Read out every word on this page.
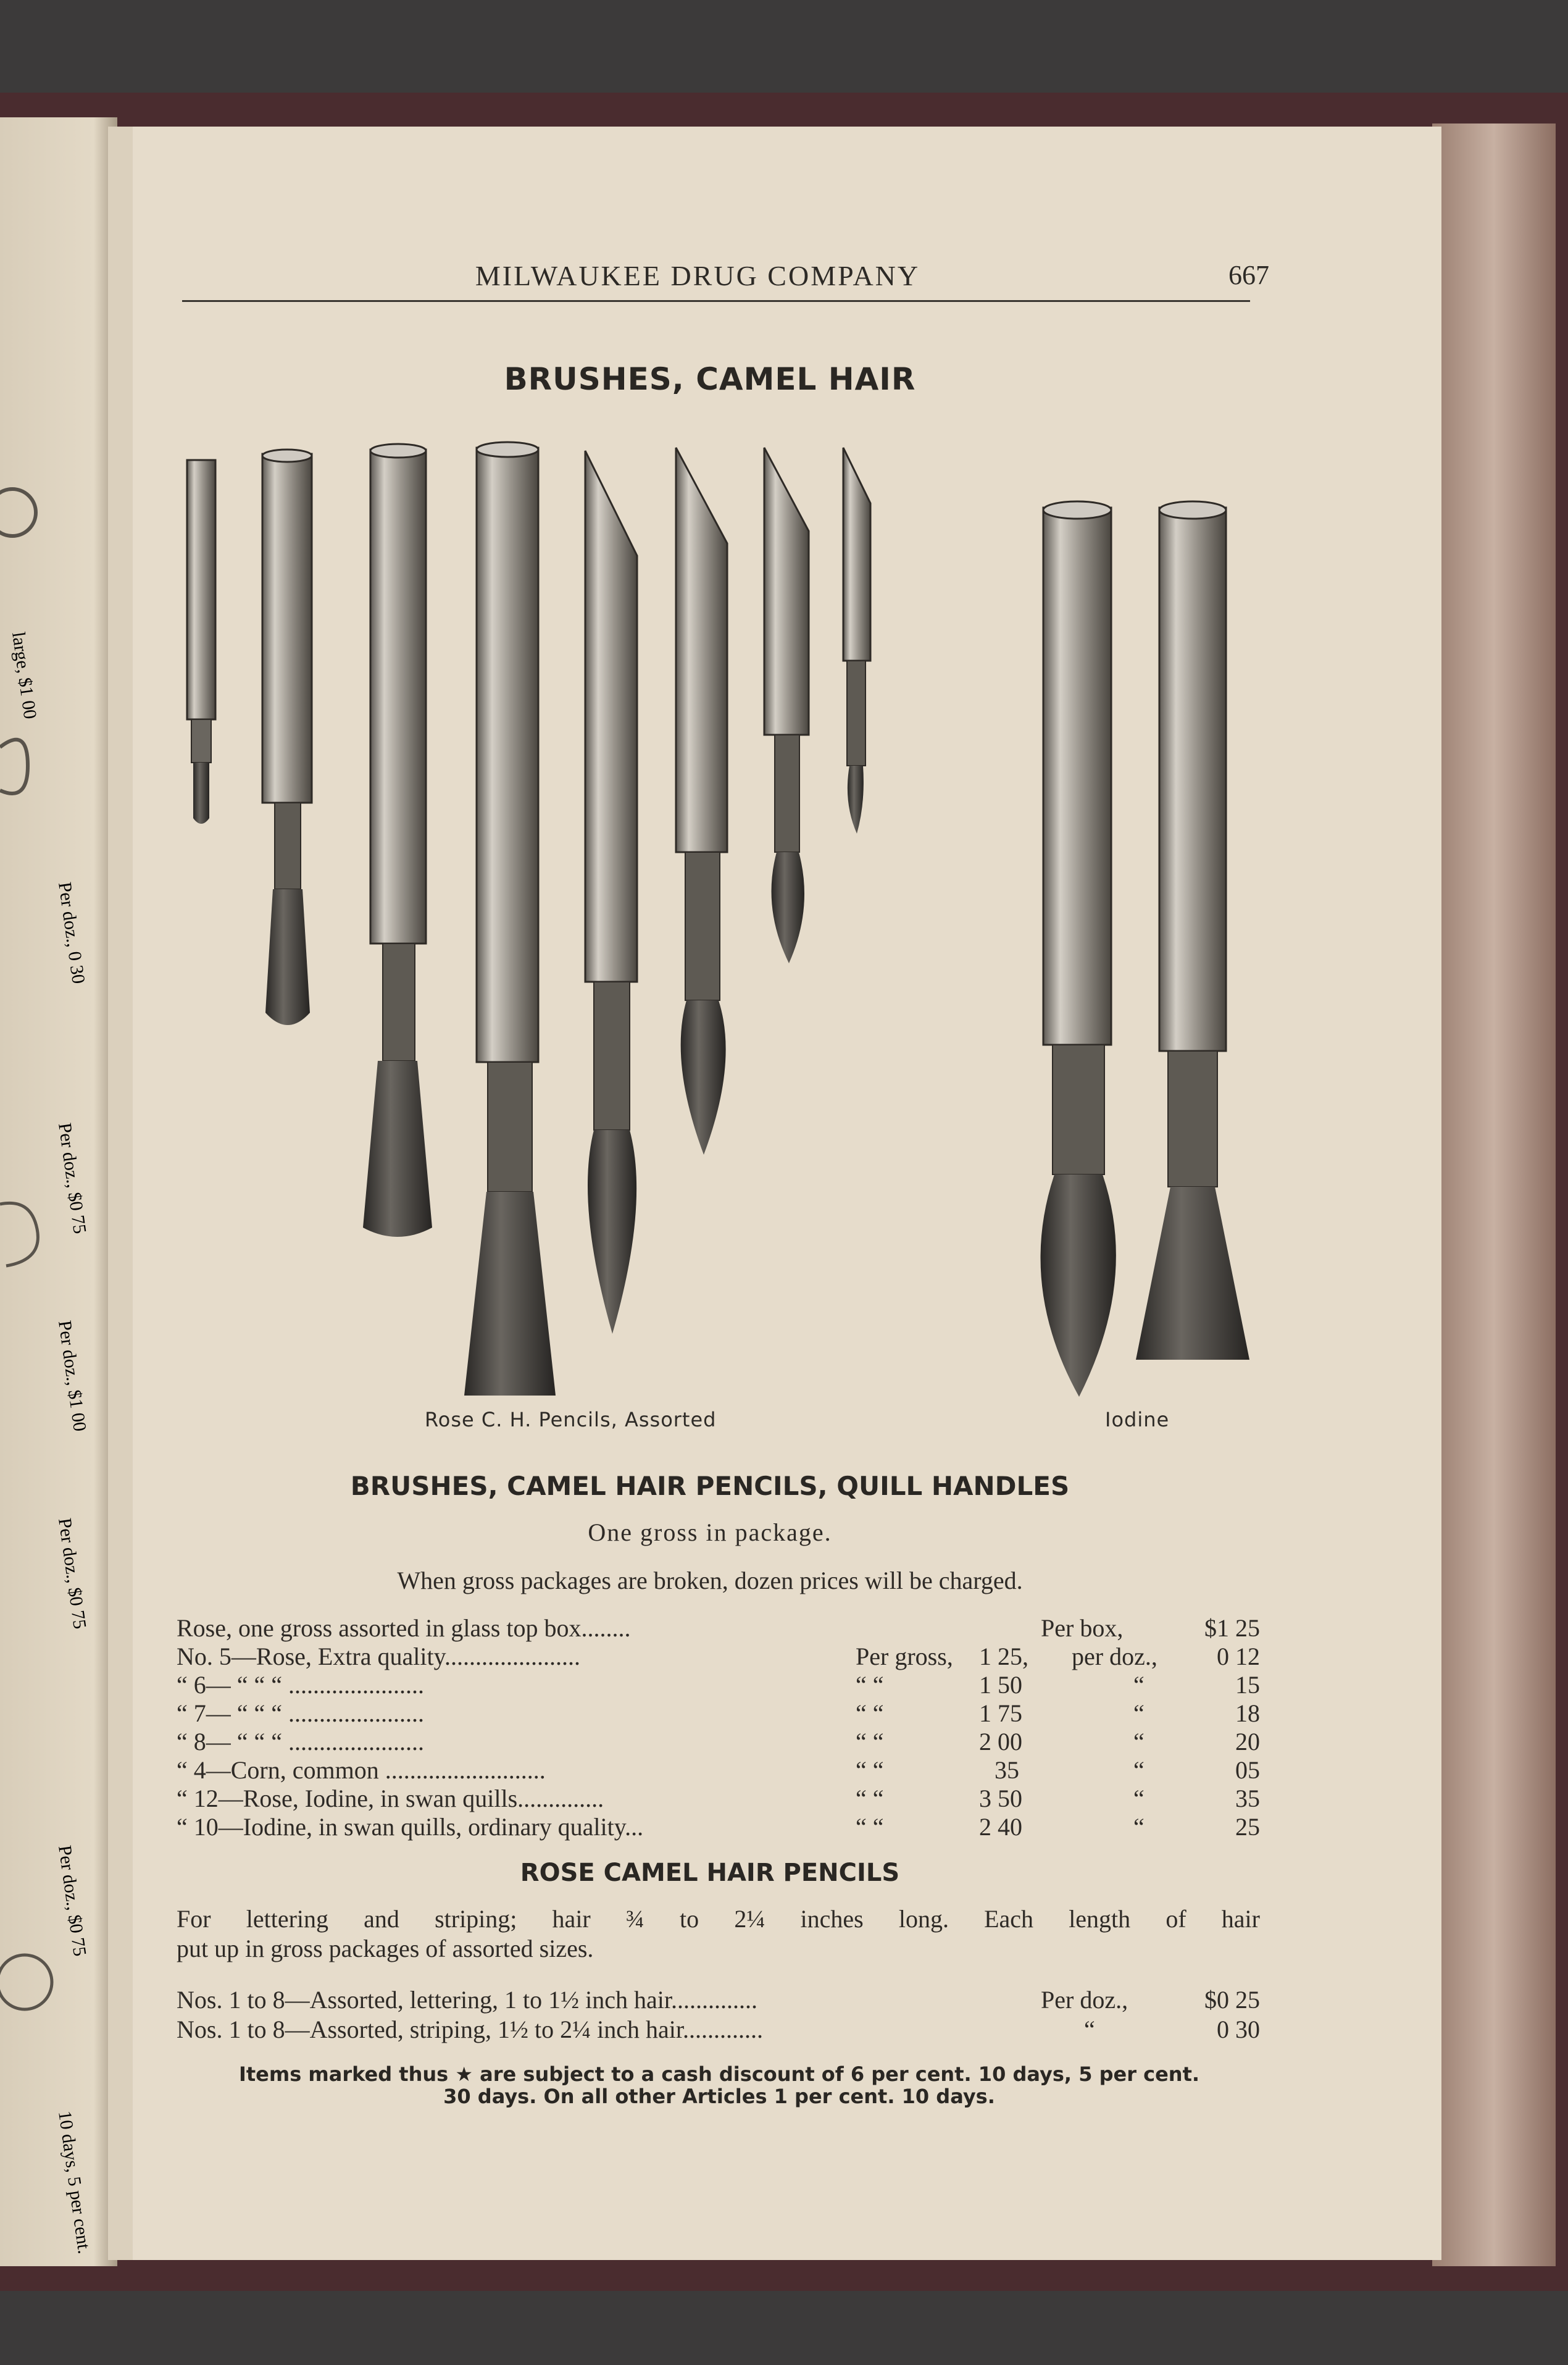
large, $1 00
Per doz., 0 30
Per doz., $0 75
Per doz., $1 00
Per doz., $0 75
Per doz., $0 75
10 days, 5 per cent.
MILWAUKEE DRUG COMPANY	667
BRUSHES, CAMEL HAIR
Rose C. H. Pencils, Assorted	Iodine
BRUSHES, CAMEL HAIR PENCILS, QUILL HANDLES
One gross in package.
When gross packages are broken, dozen prices will be charged.
Rose, one gross assorted in glass top box........	Per box,	$1 25
No. 5—Rose, Extra quality......................	Per gross, 1 25, per doz., 0 12
“ 6— “ “ “ ......................	“ “	1 50	“	15
“ 7— “ “ “ ......................	“ “	1 75	“	18
“ 8— “ “ “ ......................	“ “	2 00	“	20
“ 4—Corn, common ..........................	“ “	35	“	05
“ 12—Rose, Iodine, in swan quills..............	“ “	3 50	“	35
“ 10—Iodine, in swan quills, ordinary quality...	“ “	2 40	“	25
ROSE CAMEL HAIR PENCILS
For lettering and striping; hair ¾ to 2¼ inches long. Each length of hair
put up in gross packages of assorted sizes.
Nos. 1 to 8—Assorted, lettering, 1 to 1½ inch hair..............	Per doz.,	$0 25
Nos. 1 to 8—Assorted, striping, 1½ to 2¼ inch hair.............	“	0 30
Items marked thus ★ are subject to a cash discount of 6 per cent. 10 days, 5 per cent.
30 days. On all other Articles 1 per cent. 10 days.
